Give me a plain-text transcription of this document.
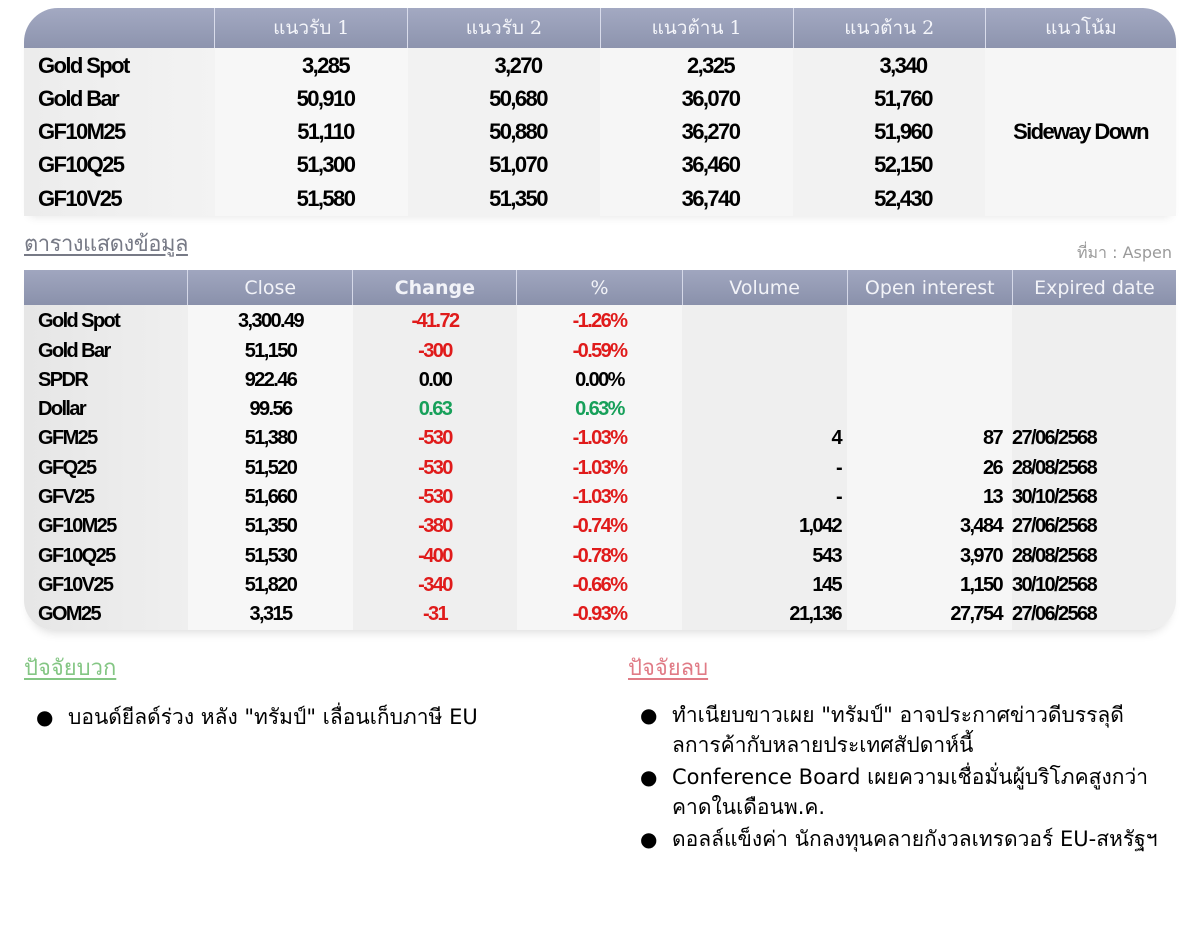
แนวรับ 1	แนวรับ 2	แนวต้าน 1	แนวต้าน 2	แนวโน้ม
Gold Spot	3,285	3,270	2,325	3,340
Gold Bar	50,910	50,680	36,070	51,760
GF10M25	51,110	50,880	36,270	51,960
GF10Q25	51,300	51,070	36,460	52,150
GF10V25	51,580	51,350	36,740	52,430
Sideway Down
ตารางแสดงข้อมูล	ที่มา : Aspen
Close	Change	%	Volume	Open interest	Expired date
Gold Spot	3,300.49	-41.72	-1.26%
Gold Bar	51,150	-300	-0.59%
SPDR	922.46	0.00	0.00%
Dollar	99.56	0.63	0.63%
GFM25	51,380	-530	-1.03%	4	87 27/06/2568
GFQ25	51,520	-530	-1.03%	-	26 28/08/2568
GFV25	51,660	-530	-1.03%	-	13 30/10/2568
GF10M25	51,350	-380	-0.74%	1,042	3,484 27/06/2568
GF10Q25	51,530	-400	-0.78%	543	3,970 28/08/2568
GF10V25	51,820	-340	-0.66%	145	1,150 30/10/2568
GOM25	3,315	-31	-0.93%	21,136	27,754 27/06/2568
ปัจจัยบวก
● บอนด์ยีลด์ร่วง หลัง "ทรัมป์" เลื่อนเก็บภาษี EU
ปัจจัยลบ
● ทำเนียบขาวเผย "ทรัมป์" อาจประกาศข่าวดีบรรลุดีลการค้ากับหลายประเทศสัปดาห์นี้
● Conference Board เผยความเชื่อมั่นผู้บริโภคสูงกว่าคาดในเดือนพ.ค.
● ดอลล์แข็งค่า นักลงทุนคลายกังวลเทรดวอร์ EU-สหรัฐฯ
